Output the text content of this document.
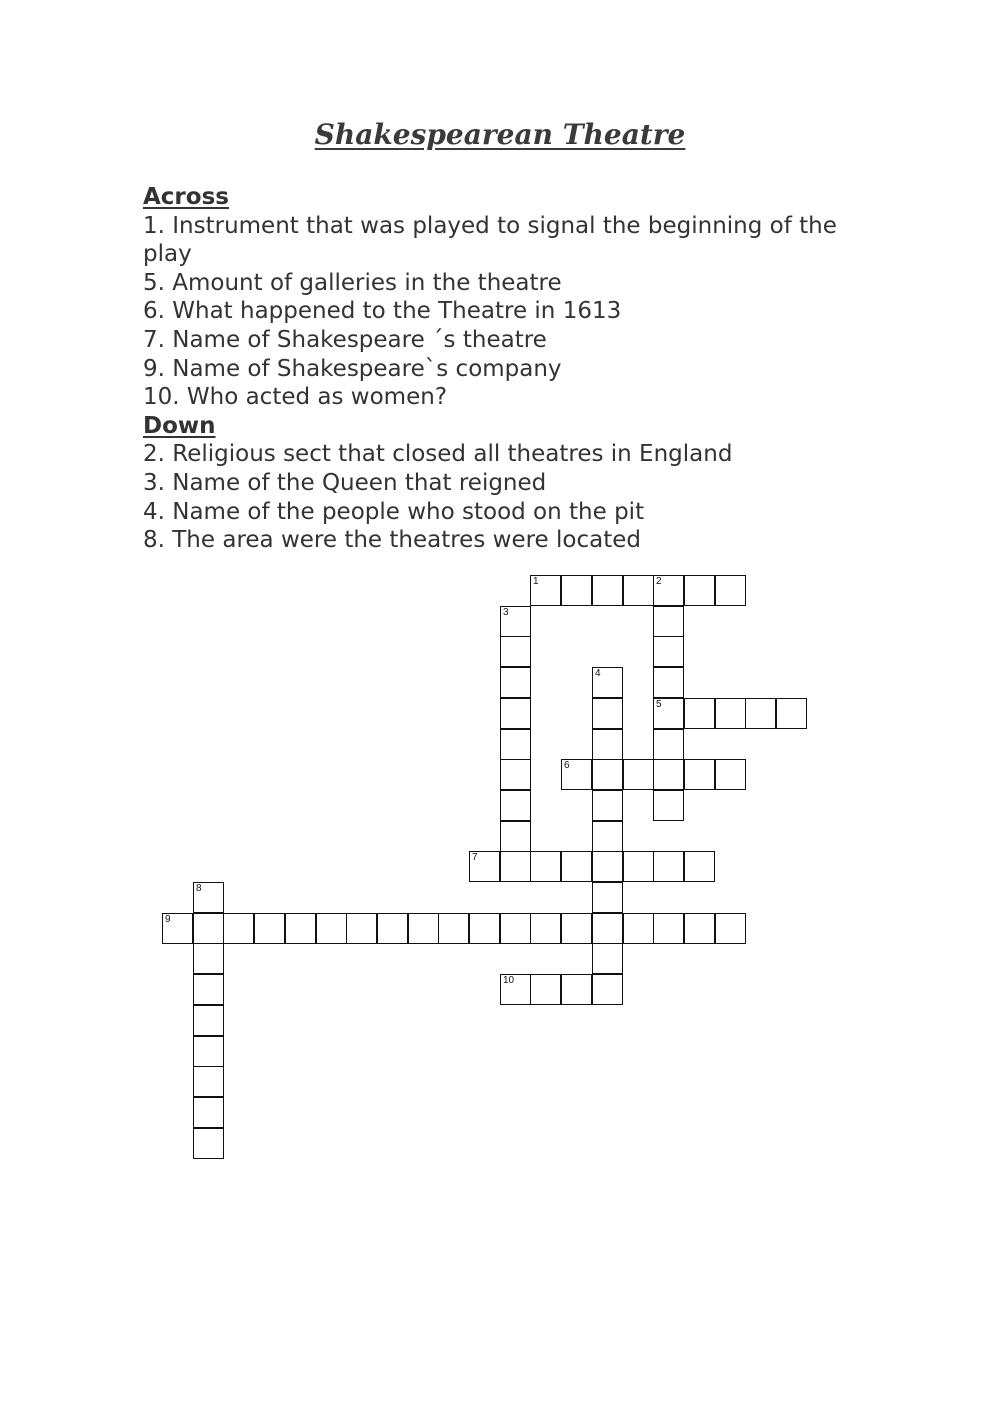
Shakespearean Theatre
Across
1. Instrument that was played to signal the beginning of the play
5. Amount of galleries in the theatre
6. What happened to the Theatre in 1613
7. Name of Shakespeare ´s theatre
9. Name of Shakespeare`s company
10. Who acted as women?
Down
2. Religious sect that closed all theatres in England
3. Name of the Queen that reigned
4. Name of the people who stood on the pit
8. The area were the theatres were located
1	2
5
3
4
6
7
8
9
10
